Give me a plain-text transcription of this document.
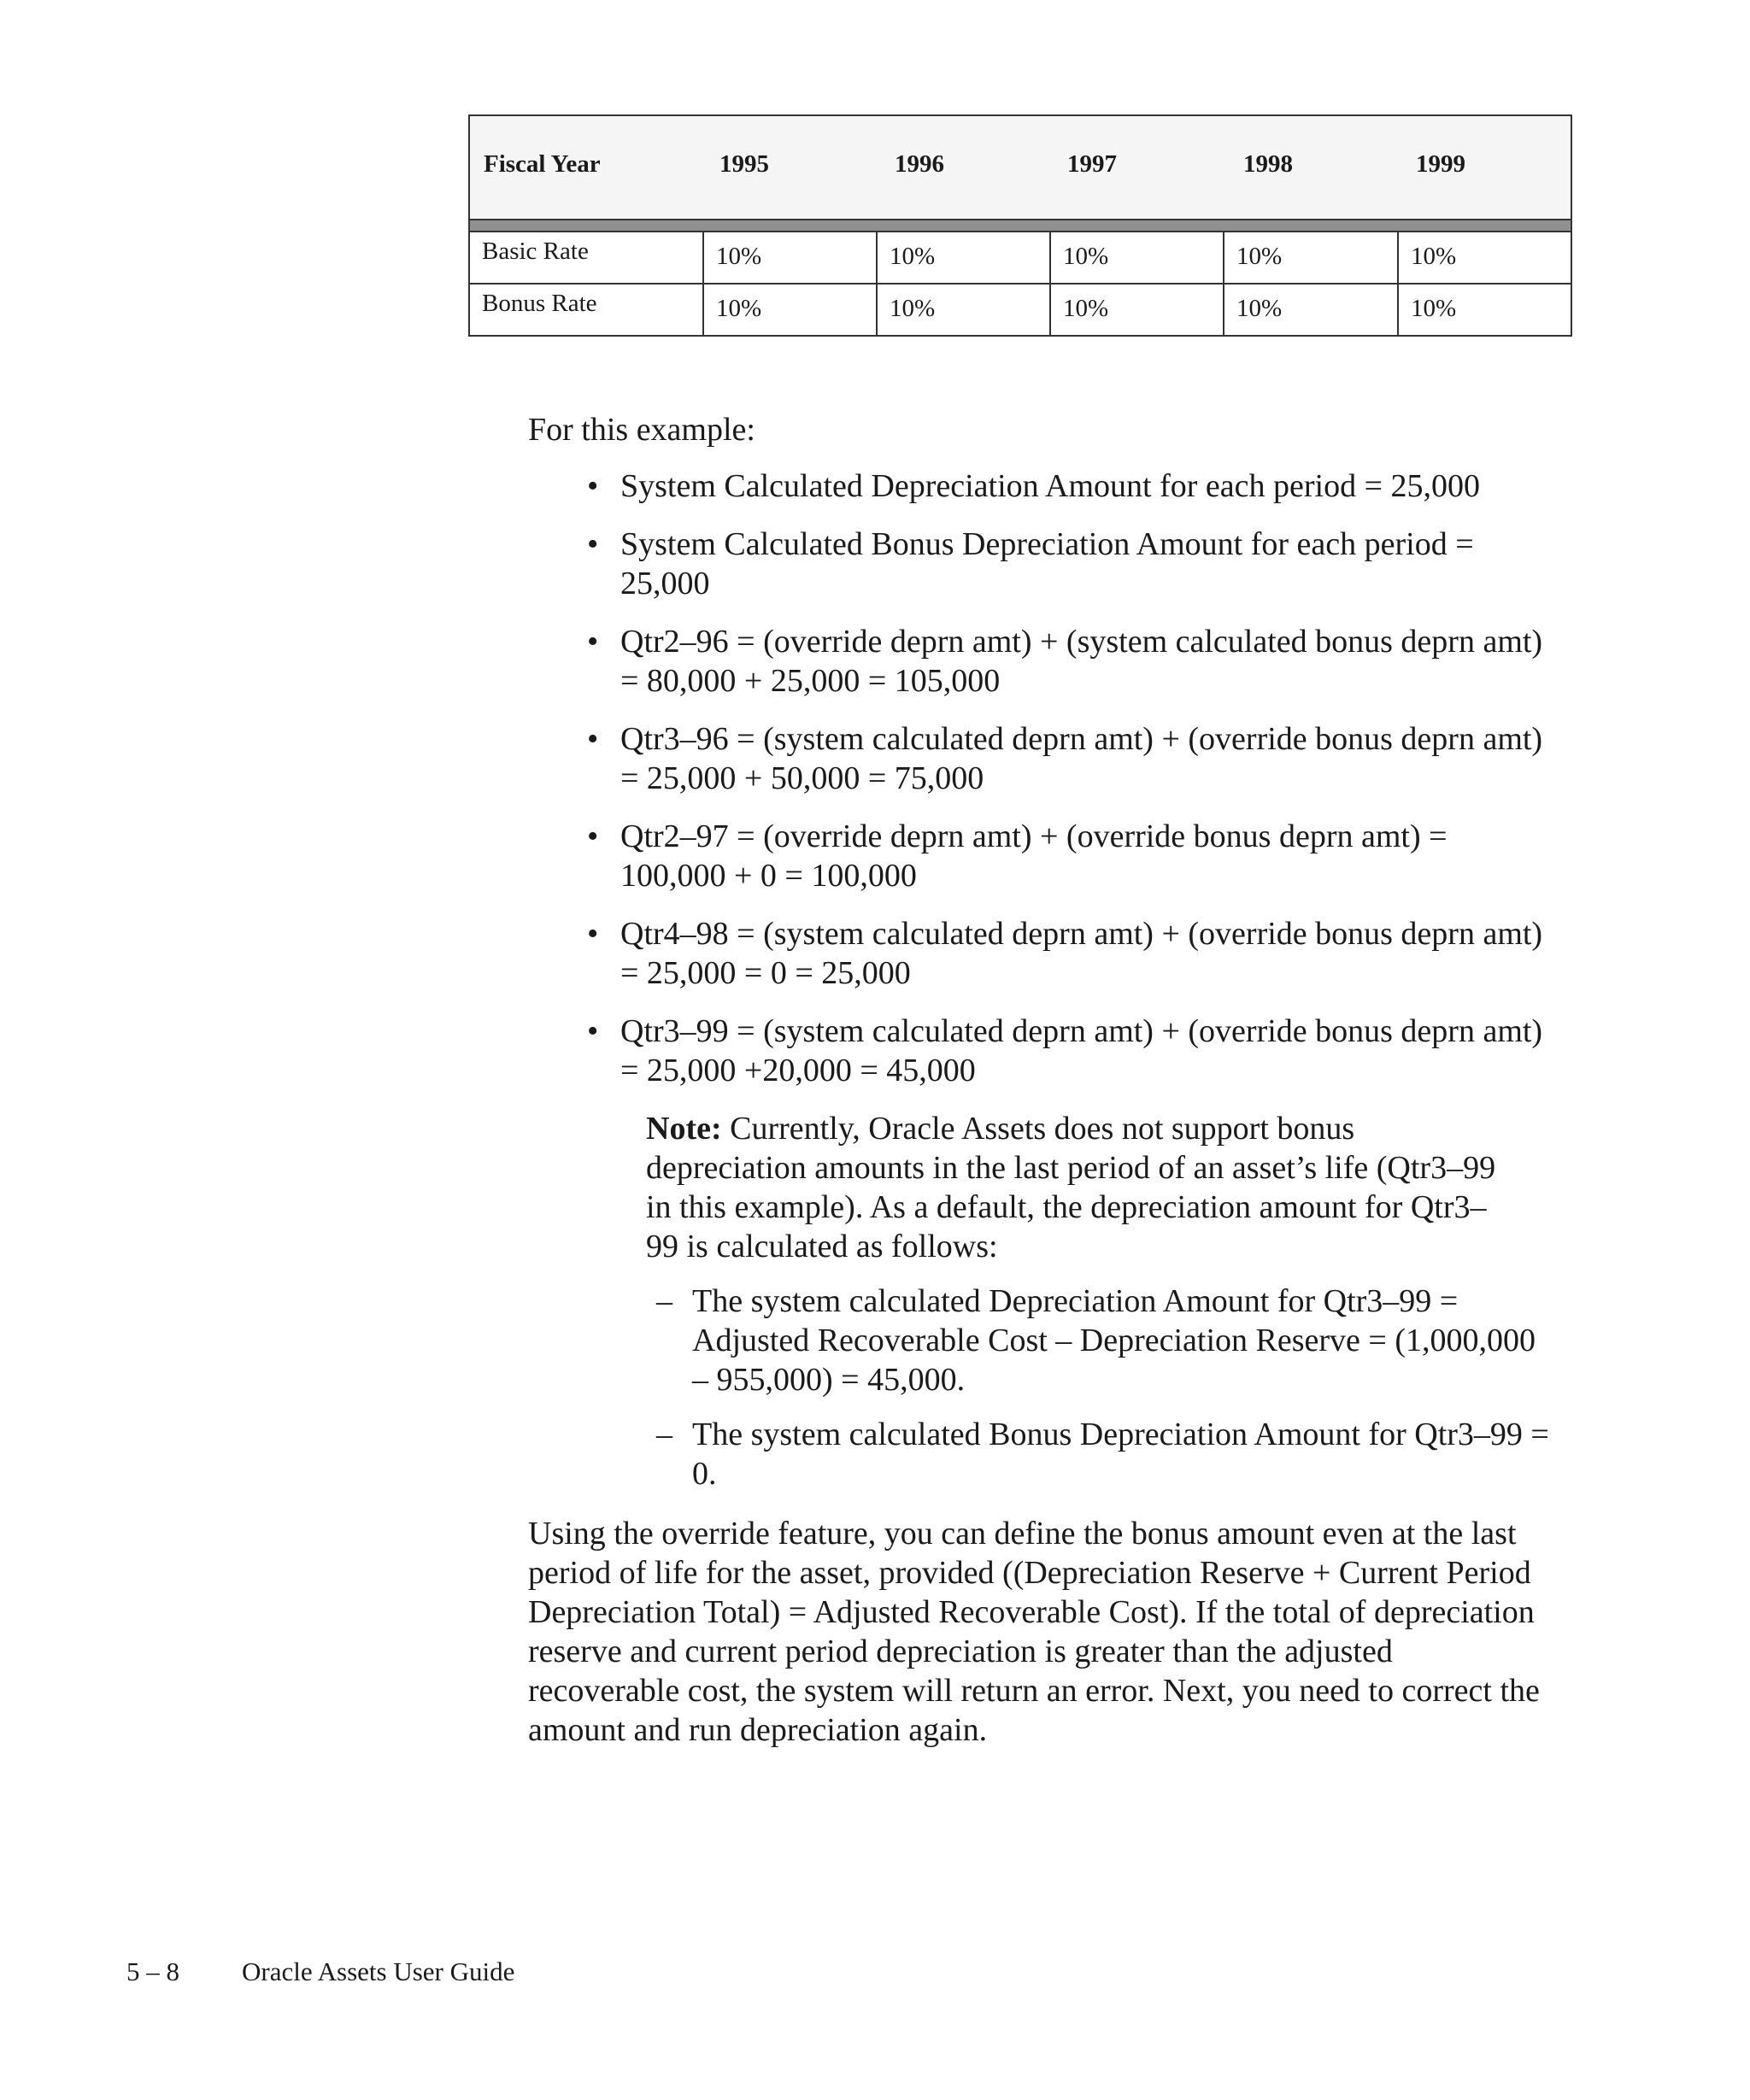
Fiscal Year	1995	1996	1997	1998	1999
Basic Rate	10%	10%	10%	10%	10%
Bonus Rate	10%	10%	10%	10%	10%

For this example:

• System Calculated Depreciation Amount for each period = 25,000
• System Calculated Bonus Depreciation Amount for each period = 25,000
• Qtr2–96 = (override deprn amt) + (system calculated bonus deprn amt) = 80,000 + 25,000 = 105,000
• Qtr3–96 = (system calculated deprn amt) + (override bonus deprn amt) = 25,000 + 50,000 = 75,000
• Qtr2–97 = (override deprn amt) + (override bonus deprn amt) = 100,000 + 0 = 100,000
• Qtr4–98 = (system calculated deprn amt) + (override bonus deprn amt) = 25,000 = 0 = 25,000
• Qtr3–99 = (system calculated deprn amt) + (override bonus deprn amt) = 25,000 +20,000 = 45,000

Note: Currently, Oracle Assets does not support bonus depreciation amounts in the last period of an asset’s life (Qtr3–99 in this example). As a default, the depreciation amount for Qtr3–99 is calculated as follows:

– The system calculated Depreciation Amount for Qtr3–99 = Adjusted Recoverable Cost – Depreciation Reserve = (1,000,000 – 955,000) = 45,000.
– The system calculated Bonus Depreciation Amount for Qtr3–99 = 0.

Using the override feature, you can define the bonus amount even at the last period of life for the asset, provided ((Depreciation Reserve + Current Period Depreciation Total) = Adjusted Recoverable Cost). If the total of depreciation reserve and current period depreciation is greater than the adjusted recoverable cost, the system will return an error. Next, you need to correct the amount and run depreciation again.

5 – 8 Oracle Assets User Guide
